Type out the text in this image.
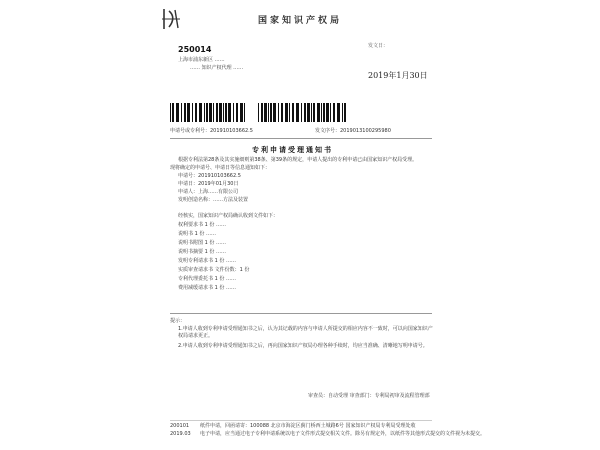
国家知识产权局
250014	发文日：
上海市浦东新区 ……
…… 知识产权代理 ……
2019年1月30日
申请号或专利号：201910103662.5	发文序号：2019013100295980
专利申请受理通知书
根据专利法第28条及其实施细则第38条、第39条的规定，申请人提出的专利申请已由国家知识产权局受理。
现将确定的申请号、申请日等信息通知如下：
申请号：201910103662.5
申请日：2019年01月30日
申请人：上海……有限公司
发明创造名称：……方法及装置
经核实，国家知识产权局确认收到文件如下：
权利要求书 1 份 ……
说明书 1 份 ……
说明书附图 1 份 ……
说明书摘要 1 份 ……
发明专利请求书 1 份 ……
实质审查请求书 文件份数：1 份
专利代理委托书 1 份 ……
费用减缓请求书 1 份 ……
提示：
1.申请人收到专利申请受理通知书之后，认为其记载的内容与申请人所提交的相应内容不一致时，可以向国家知识产权局请求更正。
2.申请人收到专利申请受理通知书之后，再向国家知识产权局办理各种手续时，均应当准确、清晰地写明申请号。
审查员：自动受理 审查部门：专利局初审及流程管理部
200101
2019.03
纸件申请，回函请寄：100088 北京市海淀区蓟门桥西土城路6号 国家知识产权局专利局受理处收
电子申请，应当通过电子专利申请系统以电子文件形式提交相关文件。除另有规定外，以纸件等其他形式提交的文件视为未提交。
